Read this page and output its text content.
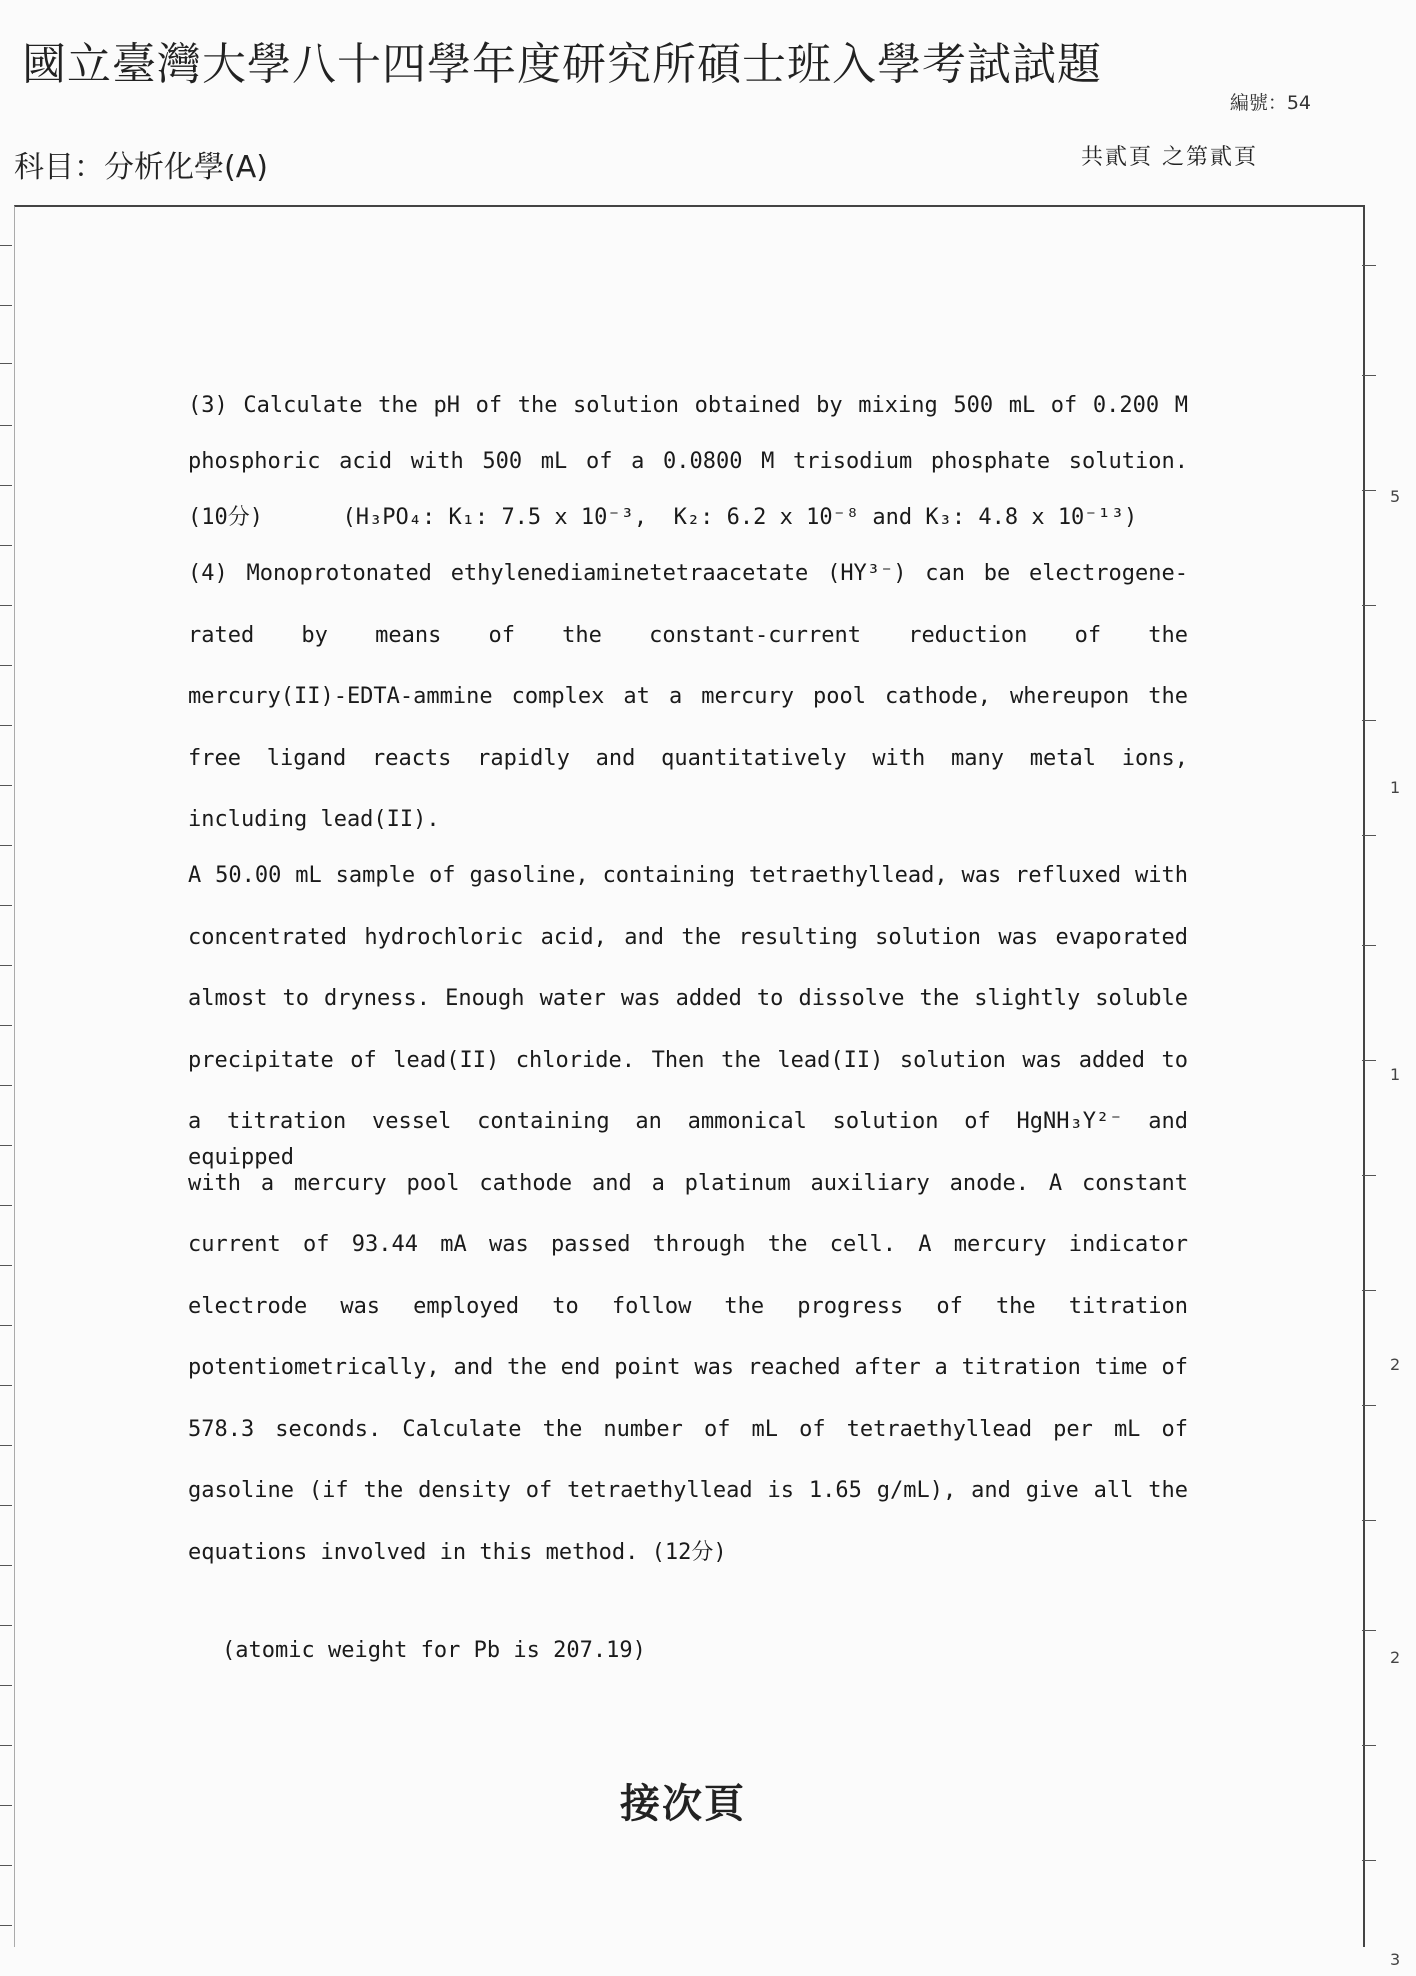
國立臺灣大學八十四學年度研究所碩士班入學考試試題
編號：54
科目：分析化學(A)	共貳頁 之第貳頁
5
1
1
2
2
3
(3) Calculate the pH of the solution obtained by mixing 500 mL of 0.200 M
phosphoric acid with 500 mL of a 0.0800 M trisodium phosphate solution.
(10分)	(H₃PO₄: K₁: 7.5 x 10⁻³, K₂: 6.2 x 10⁻⁸ and K₃: 4.8 x 10⁻¹³)
(4) Monoprotonated ethylenediaminetetraacetate (HY³⁻) can be electrogene-
rated by means of the constant-current reduction of the
mercury(II)-EDTA-ammine complex at a mercury pool cathode, whereupon the
free ligand reacts rapidly and quantitatively with many metal ions,
including lead(II).
A 50.00 mL sample of gasoline, containing tetraethyllead, was refluxed with
concentrated hydrochloric acid, and the resulting solution was evaporated
almost to dryness. Enough water was added to dissolve the slightly soluble
precipitate of lead(II) chloride. Then the lead(II) solution was added to
a titration vessel containing an ammonical solution of HgNH₃Y²⁻ and equipped
with a mercury pool cathode and a platinum auxiliary anode. A constant
current of 93.44 mA was passed through the cell. A mercury indicator
electrode was employed to follow the progress of the titration
potentiometrically, and the end point was reached after a titration time of
578.3 seconds. Calculate the number of mL of tetraethyllead per mL of
gasoline (if the density of tetraethyllead is 1.65 g/mL), and give all the
equations involved in this method. (12分)
(atomic weight for Pb is 207.19)
接次頁
